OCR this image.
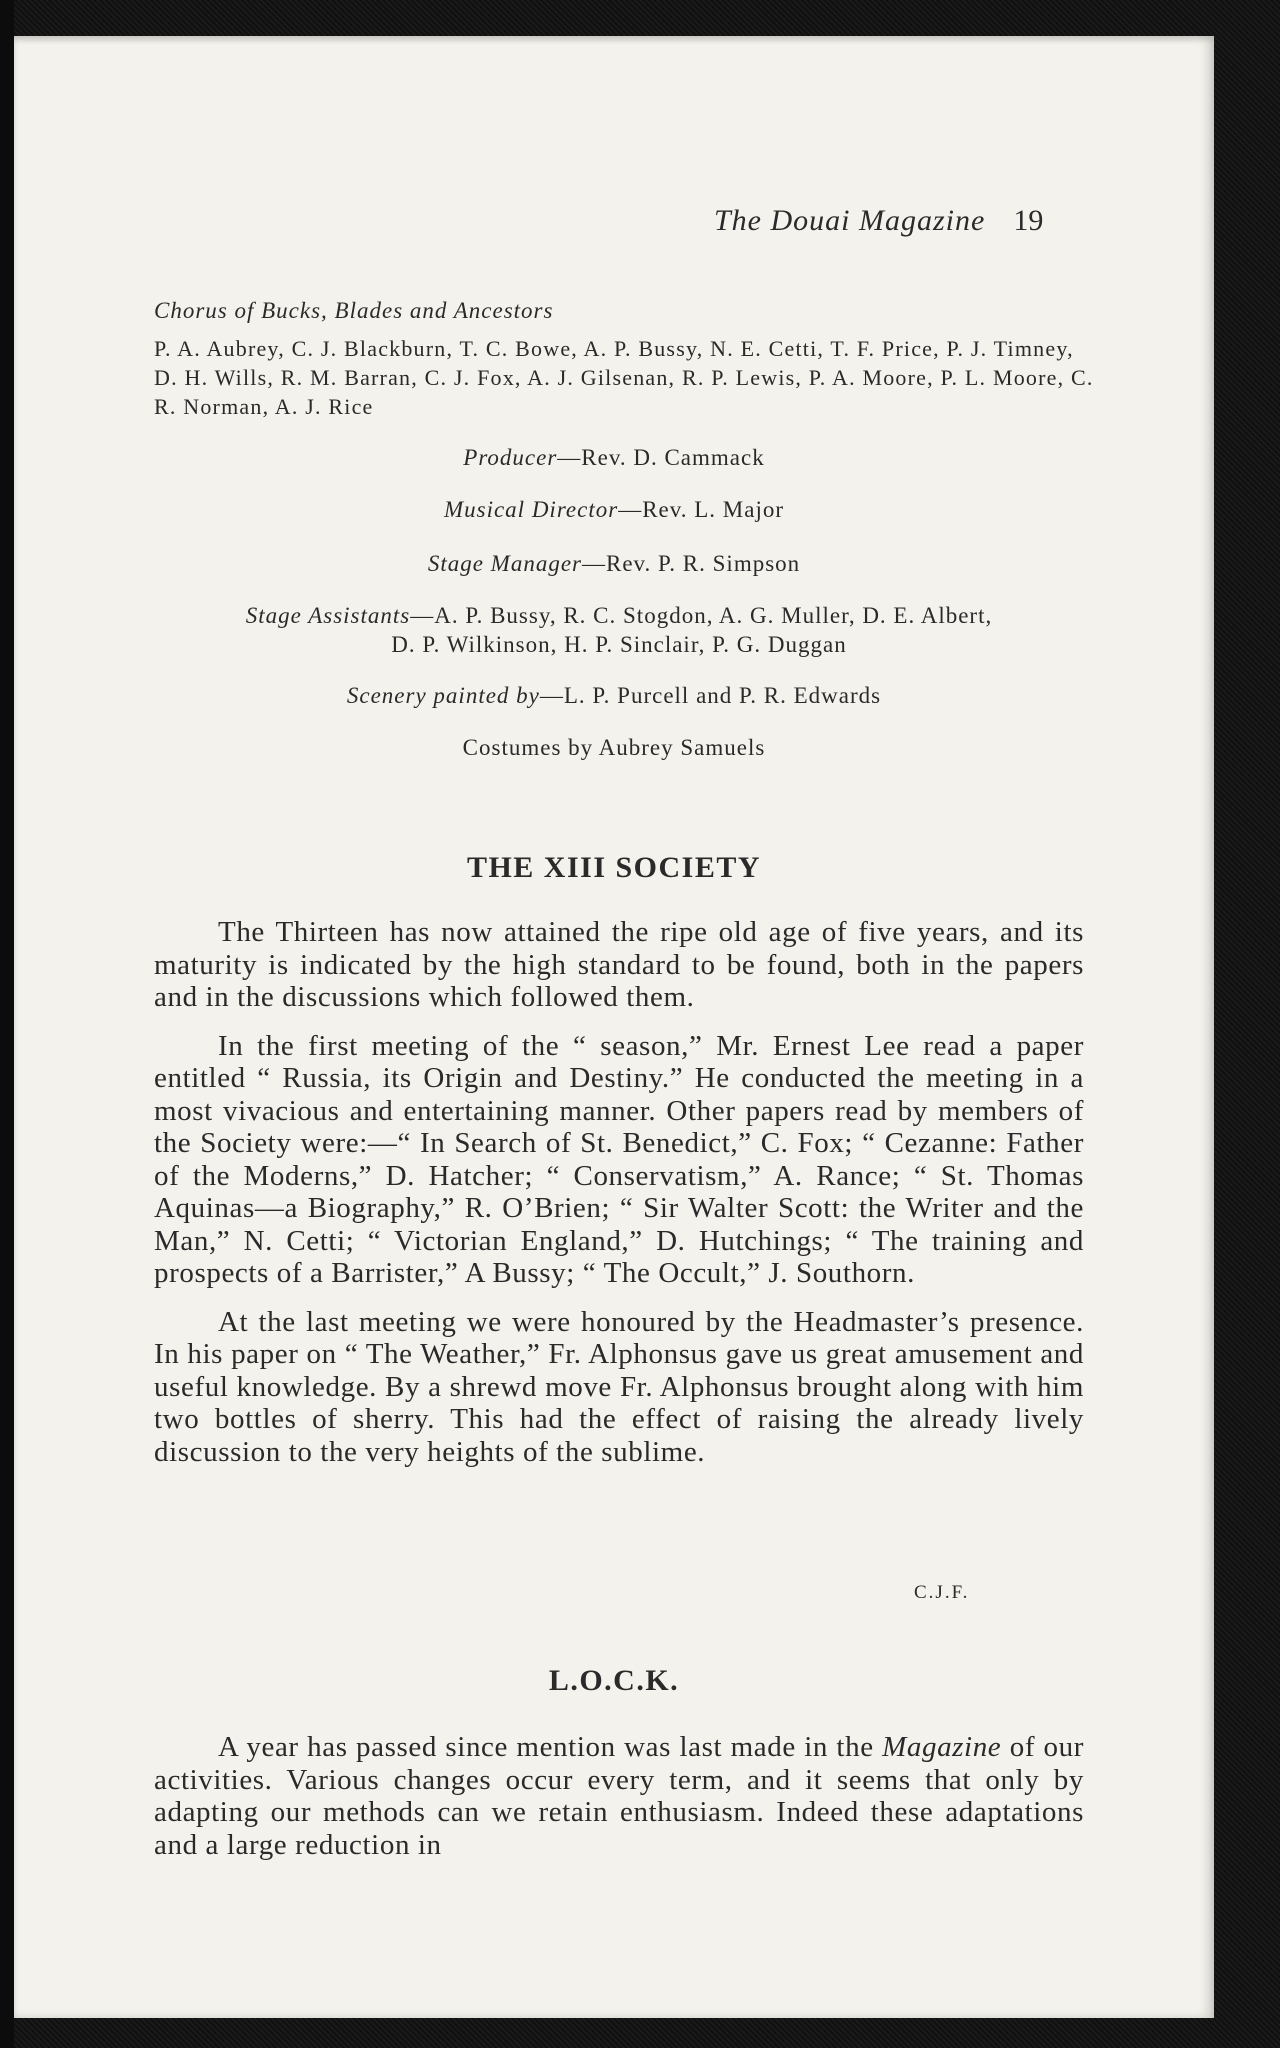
The Douai Magazine 19
Chorus of Bucks, Blades and Ancestors

P. A. Aubrey, C. J. Blackburn, T. C. Bowe, A. P. Bussy, N. E. Cetti, T. F. Price, P. J. Timney, D. H. Wills, R. M. Barran, C. J. Fox, A. J. Gilsenan, R. P. Lewis, P. A. Moore, P. L. Moore, C. R. Norman, A. J. Rice

Producer—Rev. D. Cammack

Musical Director—Rev. L. Major

Stage Manager—Rev. P. R. Simpson

Stage Assistants—A. P. Bussy, R. C. Stogdon, A. G. Muller, D. E. Albert,
D. P. Wilkinson, H. P. Sinclair, P. G. Duggan

Scenery painted by—L. P. Purcell and P. R. Edwards

Costumes by Aubrey Samuels

THE XIII SOCIETY

The Thirteen has now attained the ripe old age of five years, and its maturity is indicated by the high standard to be found, both in the papers and in the discussions which followed them.

In the first meeting of the “ season,” Mr. Ernest Lee read a paper entitled “ Russia, its Origin and Destiny.” He conducted the meeting in a most vivacious and entertaining manner. Other papers read by members of the Society were:—“ In Search of St. Benedict,” C. Fox; “ Cezanne: Father of the Moderns,” D. Hatcher; “ Conservatism,” A. Rance; “ St. Thomas Aquinas—a Biography,” R. O’Brien; “ Sir Walter Scott: the Writer and the Man,” N. Cetti; “ Victorian England,” D. Hutchings; “ The training and prospects of a Barrister,” A Bussy; “ The Occult,” J. Southorn.

At the last meeting we were honoured by the Headmaster’s presence. In his paper on “ The Weather,” Fr. Alphonsus gave us great amusement and useful knowledge. By a shrewd move Fr. Alphonsus brought along with him two bottles of sherry. This had the effect of raising the already lively discussion to the very heights of the sublime.

C.J.F.
L.O.C.K.

A year has passed since mention was last made in the Magazine of our activities. Various changes occur every term, and it seems that only by adapting our methods can we retain enthusiasm. Indeed these adaptations and a large reduction in
